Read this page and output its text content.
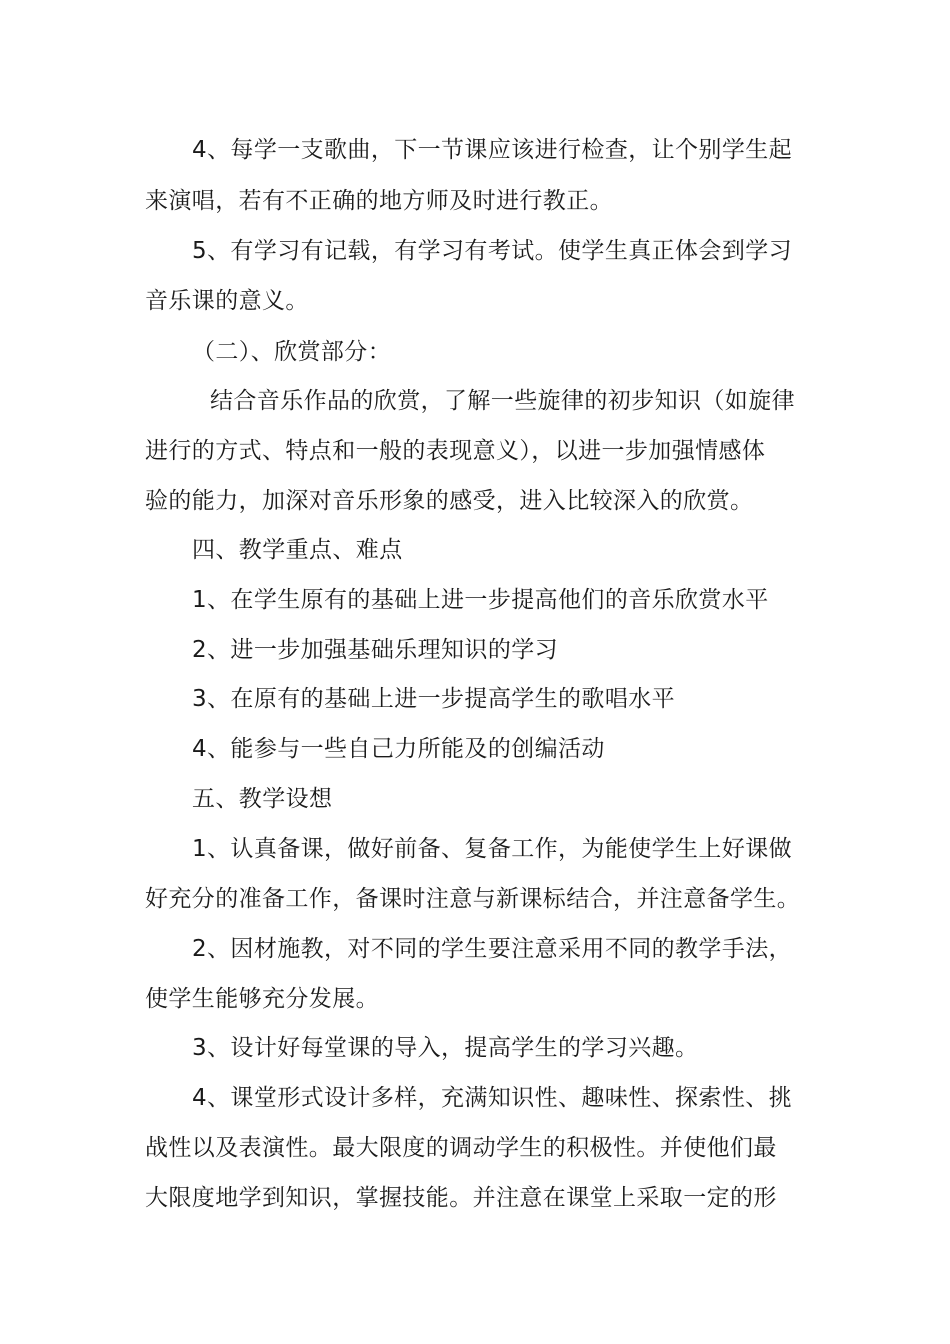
4、每学一支歌曲，下一节课应该进行检查，让个别学生起
来演唱，若有不正确的地方师及时进行教正。
5、有学习有记载，有学习有考试。使学生真正体会到学习
音乐课的意义。
（二）、欣赏部分：
结合音乐作品的欣赏，了解一些旋律的初步知识（如旋律
进行的方式、特点和一般的表现意义），以进一步加强情感体
验的能力，加深对音乐形象的感受，进入比较深入的欣赏。
四、教学重点、难点
1、在学生原有的基础上进一步提高他们的音乐欣赏水平
2、进一步加强基础乐理知识的学习
3、在原有的基础上进一步提高学生的歌唱水平
4、能参与一些自己力所能及的创编活动
五、教学设想
1、认真备课，做好前备、复备工作，为能使学生上好课做
好充分的准备工作，备课时注意与新课标结合，并注意备学生。
2、因材施教，对不同的学生要注意采用不同的教学手法，
使学生能够充分发展。
3、设计好每堂课的导入，提高学生的学习兴趣。
4、课堂形式设计多样，充满知识性、趣味性、探索性、挑
战性以及表演性。最大限度的调动学生的积极性。并使他们最
大限度地学到知识，掌握技能。并注意在课堂上采取一定的形
